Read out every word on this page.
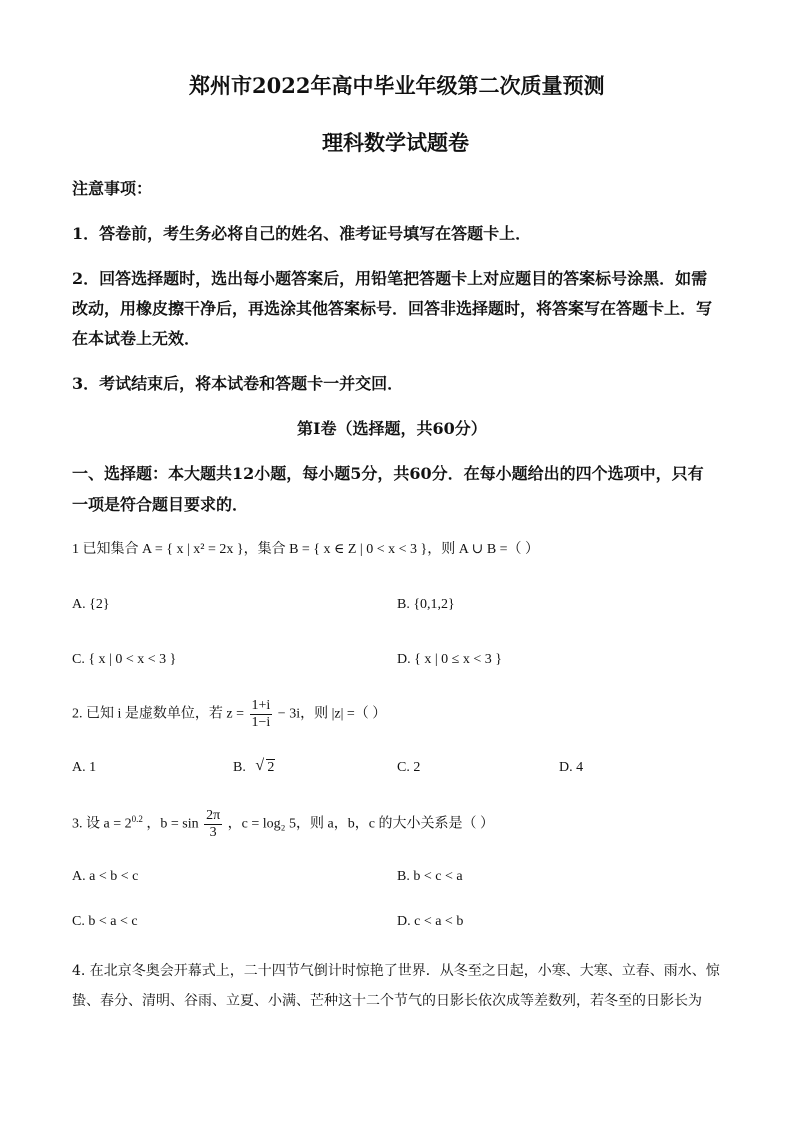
郑州市2022年高中毕业年级第二次质量预测
理科数学试题卷
注意事项：
1．答卷前，考生务必将自己的姓名、准考证号填写在答题卡上．
2．回答选择题时，选出每小题答案后，用铅笔把答题卡上对应题目的答案标号涂黑．如需
改动，用橡皮擦干净后，再选涂其他答案标号．回答非选择题时，将答案写在答题卡上．写
在本试卷上无效．
3．考试结束后，将本试卷和答题卡一并交回．
第Ⅰ卷（选择题，共60分）
一、选择题：本大题共12小题，每小题5分，共60分．在每小题给出的四个选项中，只有
一项是符合题目要求的．
1 已知集合 A = { x | x² = 2x }，集合 B = { x ∈ Z | 0 < x < 3 }，则 A ∪ B =（ ）
A. {2}	B. {0,1,2}
C. { x | 0 < x < 3 }	D. { x | 0 ≤ x < 3 }
2. 已知 i 是虚数单位，若 $z = \frac{1+i}{1-i} - 3i$，则 |z| =（ ）
A. 1	B. √ 2	C. 2	D. 4
3. 设 $a = 2^{0.2}$ ，$b = \sin \frac{2\pi}{3}$ ，c = log₂ 5，则 a，b，c 的大小关系是（ ）
A. a < b < c	B. b < c < a
C. b < a < c	D. c < a < b
4. 在北京冬奥会开幕式上，二十四节气倒计时惊艳了世界．从冬至之日起，小寒、大寒、立春、雨水、惊
蛰、春分、清明、谷雨、立夏、小满、芒种这十二个节气的日影长依次成等差数列，若冬至的日影长为
